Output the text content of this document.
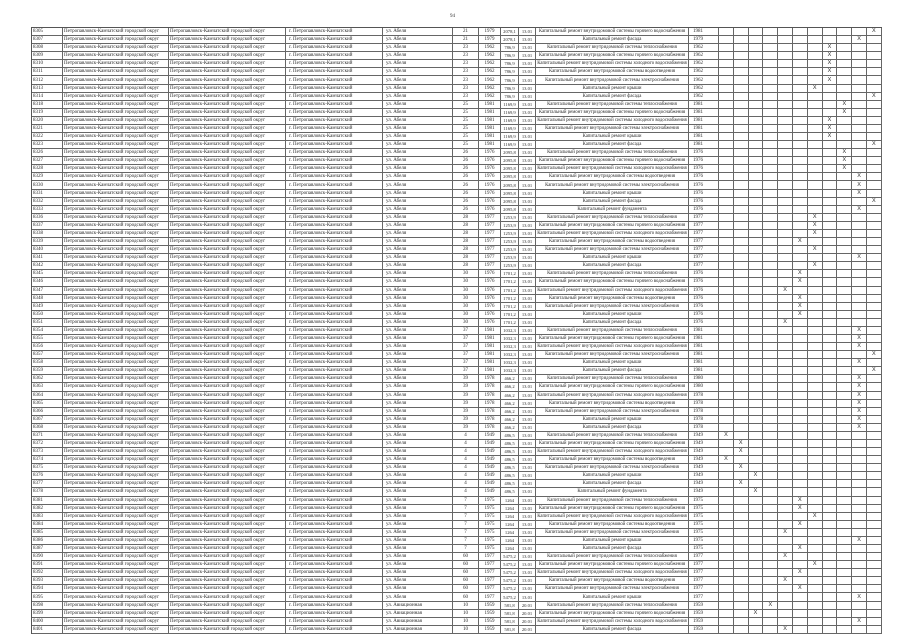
94
8305	Петропавловск-Камчатский городской округ	Петропавловск-Камчатский городской округ	г. Петропавловск-Камчатский	ул. Абеля	21	1979	2078,1	13.01	Капитальный ремонт внутридомовой системы горячего водоснабжения	1981	X
8307	Петропавловск-Камчатский городской округ	Петропавловск-Камчатский городской округ	г. Петропавловск-Камчатский	ул. Абеля	21	1979	2078,1	13.01	Капитальный ремонт фасада	1979	X
8308	Петропавловск-Камчатский городской округ	Петропавловск-Камчатский городской округ	г. Петропавловск-Камчатский	ул. Абеля	23	1962	786,9	13.01	Капитальный ремонт внутридомовой системы теплоснабжения	1962	X
8309	Петропавловск-Камчатский городской округ	Петропавловск-Камчатский городской округ	г. Петропавловск-Камчатский	ул. Абеля	23	1962	786,9	13.01	Капитальный ремонт внутридомовой системы горячего водоснабжения	1962	X
8310	Петропавловск-Камчатский городской округ	Петропавловск-Камчатский городской округ	г. Петропавловск-Камчатский	ул. Абеля	23	1962	786,9	13.01	Капитальный ремонт внутридомовой системы холодного водоснабжения	1962	X
8311	Петропавловск-Камчатский городской округ	Петропавловск-Камчатский городской округ	г. Петропавловск-Камчатский	ул. Абеля	23	1962	786,9	13.01	Капитальный ремонт внутридомовой системы водоотведения	1962	X
8312	Петропавловск-Камчатский городской округ	Петропавловск-Камчатский городской округ	г. Петропавловск-Камчатский	ул. Абеля	23	1962	786,9	13.01	Капитальный ремонт внутридомовой системы электроснабжения	1962	X
8313	Петропавловск-Камчатский городской округ	Петропавловск-Камчатский городской округ	г. Петропавловск-Камчатский	ул. Абеля	23	1962	786,9	13.01	Капитальный ремонт крыши	1962	X
8314	Петропавловск-Камчатский городской округ	Петропавловск-Камчатский городской округ	г. Петропавловск-Камчатский	ул. Абеля	23	1962	786,9	13.01	Капитальный ремонт фасада	1962	X
8318	Петропавловск-Камчатский городской округ	Петропавловск-Камчатский городской округ	г. Петропавловск-Камчатский	ул. Абеля	25	1981	1169,9	13.01	Капитальный ремонт внутридомовой системы теплоснабжения	1981	X
8319	Петропавловск-Камчатский городской округ	Петропавловск-Камчатский городской округ	г. Петропавловск-Камчатский	ул. Абеля	25	1981	1169,9	13.01	Капитальный ремонт внутридомовой системы горячего водоснабжения	1981	X
8320	Петропавловск-Камчатский городской округ	Петропавловск-Камчатский городской округ	г. Петропавловск-Камчатский	ул. Абеля	25	1981	1169,9	13.01	Капитальный ремонт внутридомовой системы холодного водоснабжения	1981	X
8321	Петропавловск-Камчатский городской округ	Петропавловск-Камчатский городской округ	г. Петропавловск-Камчатский	ул. Абеля	25	1981	1169,9	13.01	Капитальный ремонт внутридомовой системы электроснабжения	1981	X
8322	Петропавловск-Камчатский городской округ	Петропавловск-Камчатский городской округ	г. Петропавловск-Камчатский	ул. Абеля	25	1981	1169,9	13.01	Капитальный ремонт крыши	1981	X
8323	Петропавловск-Камчатский городской округ	Петропавловск-Камчатский городской округ	г. Петропавловск-Камчатский	ул. Абеля	25	1981	1169,9	13.01	Капитальный ремонт фасада	1981	X
8326	Петропавловск-Камчатский городской округ	Петропавловск-Камчатский городской округ	г. Петропавловск-Камчатский	ул. Абеля	26	1976	2095,8	13.01	Капитальный ремонт внутридомовой системы теплоснабжения	1976	X
8327	Петропавловск-Камчатский городской округ	Петропавловск-Камчатский городской округ	г. Петропавловск-Камчатский	ул. Абеля	26	1976	2095,8	13.01	Капитальный ремонт внутридомовой системы горячего водоснабжения	1976	X
8328	Петропавловск-Камчатский городской округ	Петропавловск-Камчатский городской округ	г. Петропавловск-Камчатский	ул. Абеля	26	1976	2095,8	13.01	Капитальный ремонт внутридомовой системы холодного водоснабжения	1976	X
8329	Петропавловск-Камчатский городской округ	Петропавловск-Камчатский городской округ	г. Петропавловск-Камчатский	ул. Абеля	26	1976	2095,8	13.01	Капитальный ремонт внутридомовой системы водоотведения	1976	X
8330	Петропавловск-Камчатский городской округ	Петропавловск-Камчатский городской округ	г. Петропавловск-Камчатский	ул. Абеля	26	1976	2095,8	13.01	Капитальный ремонт внутридомовой системы электроснабжения	1976	X
8331	Петропавловск-Камчатский городской округ	Петропавловск-Камчатский городской округ	г. Петропавловск-Камчатский	ул. Абеля	26	1976	2095,8	13.01	Капитальный ремонт крыши	1976	X
8332	Петропавловск-Камчатский городской округ	Петропавловск-Камчатский городской округ	г. Петропавловск-Камчатский	ул. Абеля	26	1976	2095,8	13.01	Капитальный ремонт фасада	1976	X
8333	Петропавловск-Камчатский городской округ	Петропавловск-Камчатский городской округ	г. Петропавловск-Камчатский	ул. Абеля	26	1976	2095,8	13.01	Капитальный ремонт фундамента	1976	X
8336	Петропавловск-Камчатский городской округ	Петропавловск-Камчатский городской округ	г. Петропавловск-Камчатский	ул. Абеля	28	1977	1253,9	13.01	Капитальный ремонт внутридомовой системы теплоснабжения	1977	X
8337	Петропавловск-Камчатский городской округ	Петропавловск-Камчатский городской округ	г. Петропавловск-Камчатский	ул. Абеля	28	1977	1253,9	13.01	Капитальный ремонт внутридомовой системы горячего водоснабжения	1977	X
8338	Петропавловск-Камчатский городской округ	Петропавловск-Камчатский городской округ	г. Петропавловск-Камчатский	ул. Абеля	28	1977	1253,9	13.01	Капитальный ремонт внутридомовой системы холодного водоснабжения	1977	X
8339	Петропавловск-Камчатский городской округ	Петропавловск-Камчатский городской округ	г. Петропавловск-Камчатский	ул. Абеля	28	1977	1253,9	13.01	Капитальный ремонт внутридомовой системы водоотведения	1977	X
8340	Петропавловск-Камчатский городской округ	Петропавловск-Камчатский городской округ	г. Петропавловск-Камчатский	ул. Абеля	28	1977	1253,9	13.01	Капитальный ремонт внутридомовой системы электроснабжения	1977	X
8341	Петропавловск-Камчатский городской округ	Петропавловск-Камчатский городской округ	г. Петропавловск-Камчатский	ул. Абеля	28	1977	1253,9	13.01	Капитальный ремонт крыши	1977	X
8342	Петропавловск-Камчатский городской округ	Петропавловск-Камчатский городской округ	г. Петропавловск-Камчатский	ул. Абеля	28	1977	1253,9	13.01	Капитальный ремонт фасада	1977	X
8345	Петропавловск-Камчатский городской округ	Петропавловск-Камчатский городской округ	г. Петропавловск-Камчатский	ул. Абеля	30	1976	1701,2	13.01	Капитальный ремонт внутридомовой системы теплоснабжения	1976	X
8346	Петропавловск-Камчатский городской округ	Петропавловск-Камчатский городской округ	г. Петропавловск-Камчатский	ул. Абеля	30	1976	1701,2	13.01	Капитальный ремонт внутридомовой системы горячего водоснабжения	1976	X
8347	Петропавловск-Камчатский городской округ	Петропавловск-Камчатский городской округ	г. Петропавловск-Камчатский	ул. Абеля	30	1976	1701,2	13.01	Капитальный ремонт внутридомовой системы холодного водоснабжения	1976	X
8348	Петропавловск-Камчатский городской округ	Петропавловск-Камчатский городской округ	г. Петропавловск-Камчатский	ул. Абеля	30	1976	1701,2	13.01	Капитальный ремонт внутридомовой системы водоотведения	1976	X
8349	Петропавловск-Камчатский городской округ	Петропавловск-Камчатский городской округ	г. Петропавловск-Камчатский	ул. Абеля	30	1976	1701,2	13.01	Капитальный ремонт внутридомовой системы электроснабжения	1976	X
8350	Петропавловск-Камчатский городской округ	Петропавловск-Камчатский городской округ	г. Петропавловск-Камчатский	ул. Абеля	30	1976	1701,2	13.01	Капитальный ремонт крыши	1976	X
8351	Петропавловск-Камчатский городской округ	Петропавловск-Камчатский городской округ	г. Петропавловск-Камчатский	ул. Абеля	30	1976	1701,2	13.01	Капитальный ремонт фасада	1976	X
8354	Петропавловск-Камчатский городской округ	Петропавловск-Камчатский городской округ	г. Петропавловск-Камчатский	ул. Абеля	37	1981	1032,3	13.01	Капитальный ремонт внутридомовой системы теплоснабжения	1981	X
8355	Петропавловск-Камчатский городской округ	Петропавловск-Камчатский городской округ	г. Петропавловск-Камчатский	ул. Абеля	37	1981	1032,3	13.01	Капитальный ремонт внутридомовой системы горячего водоснабжения	1981	X
8356	Петропавловск-Камчатский городской округ	Петропавловск-Камчатский городской округ	г. Петропавловск-Камчатский	ул. Абеля	37	1981	1032,3	13.01	Капитальный ремонт внутридомовой системы холодного водоснабжения	1981	X
8357	Петропавловск-Камчатский городской округ	Петропавловск-Камчатский городской округ	г. Петропавловск-Камчатский	ул. Абеля	37	1981	1032,3	13.01	Капитальный ремонт внутридомовой системы электроснабжения	1981	X
8358	Петропавловск-Камчатский городской округ	Петропавловск-Камчатский городской округ	г. Петропавловск-Камчатский	ул. Абеля	37	1981	1032,3	13.01	Капитальный ремонт крыши	1981	X
8359	Петропавловск-Камчатский городской округ	Петропавловск-Камчатский городской округ	г. Петропавловск-Камчатский	ул. Абеля	37	1981	1032,3	13.01	Капитальный ремонт фасада	1981	X
8362	Петропавловск-Камчатский городской округ	Петропавловск-Камчатский городской округ	г. Петропавловск-Камчатский	ул. Абеля	39	1978	466,2	13.01	Капитальный ремонт внутридомовой системы теплоснабжения	1980	X
8363	Петропавловск-Камчатский городской округ	Петропавловск-Камчатский городской округ	г. Петропавловск-Камчатский	ул. Абеля	39	1978	466,2	13.01	Капитальный ремонт внутридомовой системы горячего водоснабжения	1980	X
8364	Петропавловск-Камчатский городской округ	Петропавловск-Камчатский городской округ	г. Петропавловск-Камчатский	ул. Абеля	39	1978	466,2	13.01	Капитальный ремонт внутридомовой системы холодного водоснабжения	1978	X
8365	Петропавловск-Камчатский городской округ	Петропавловск-Камчатский городской округ	г. Петропавловск-Камчатский	ул. Абеля	39	1978	466,2	13.01	Капитальный ремонт внутридомовой системы водоотведения	1978	X
8366	Петропавловск-Камчатский городской округ	Петропавловск-Камчатский городской округ	г. Петропавловск-Камчатский	ул. Абеля	39	1978	466,2	13.01	Капитальный ремонт внутридомовой системы электроснабжения	1978	X
8367	Петропавловск-Камчатский городской округ	Петропавловск-Камчатский городской округ	г. Петропавловск-Камчатский	ул. Абеля	39	1978	466,2	13.01	Капитальный ремонт крыши	1978	X
8368	Петропавловск-Камчатский городской округ	Петропавловск-Камчатский городской округ	г. Петропавловск-Камчатский	ул. Абеля	39	1978	466,2	13.01	Капитальный ремонт фасада	1978	X
8371	Петропавловск-Камчатский городской округ	Петропавловск-Камчатский городской округ	г. Петропавловск-Камчатский	ул. Абеля	4	1949	486,5	13.01	Капитальный ремонт внутридомовой системы теплоснабжения	1949	X
8372	Петропавловск-Камчатский городской округ	Петропавловск-Камчатский городской округ	г. Петропавловск-Камчатский	ул. Абеля	4	1949	486,5	13.01	Капитальный ремонт внутридомовой системы горячего водоснабжения	1949	X
8373	Петропавловск-Камчатский городской округ	Петропавловск-Камчатский городской округ	г. Петропавловск-Камчатский	ул. Абеля	4	1949	486,5	13.01	Капитальный ремонт внутридомовой системы холодного водоснабжения	1949	X
8374	Петропавловск-Камчатский городской округ	Петропавловск-Камчатский городской округ	г. Петропавловск-Камчатский	ул. Абеля	4	1949	486,5	13.01	Капитальный ремонт внутридомовой системы водоотведения	1949	X
8375	Петропавловск-Камчатский городской округ	Петропавловск-Камчатский городской округ	г. Петропавловск-Камчатский	ул. Абеля	4	1949	486,5	13.01	Капитальный ремонт внутридомовой системы электроснабжения	1949	X
8376	Петропавловск-Камчатский городской округ	Петропавловск-Камчатский городской округ	г. Петропавловск-Камчатский	ул. Абеля	4	1949	486,5	13.01	Капитальный ремонт крыши	1949	X
8377	Петропавловск-Камчатский городской округ	Петропавловск-Камчатский городской округ	г. Петропавловск-Камчатский	ул. Абеля	4	1949	486,5	13.01	Капитальный ремонт фасада	1949	X
8378	Петропавловск-Камчатский городской округ	Петропавловск-Камчатский городской округ	г. Петропавловск-Камчатский	ул. Абеля	4	1949	486,5	13.01	Капитальный ремонт фундамента	1949	X
8381	Петропавловск-Камчатский городской округ	Петропавловск-Камчатский городской округ	г. Петропавловск-Камчатский	ул. Абеля	7	1975	1264	13.01	Капитальный ремонт внутридомовой системы теплоснабжения	1975	X
8382	Петропавловск-Камчатский городской округ	Петропавловск-Камчатский городской округ	г. Петропавловск-Камчатский	ул. Абеля	7	1975	1264	13.01	Капитальный ремонт внутридомовой системы горячего водоснабжения	1975	X
8383	Петропавловск-Камчатский городской округ	Петропавловск-Камчатский городской округ	г. Петропавловск-Камчатский	ул. Абеля	7	1975	1264	13.01	Капитальный ремонт внутридомовой системы холодного водоснабжения	1975	X
8384	Петропавловск-Камчатский городской округ	Петропавловск-Камчатский городской округ	г. Петропавловск-Камчатский	ул. Абеля	7	1975	1264	13.01	Капитальный ремонт внутридомовой системы водоотведения	1975	X
8385	Петропавловск-Камчатский городской округ	Петропавловск-Камчатский городской округ	г. Петропавловск-Камчатский	ул. Абеля	7	1975	1264	13.01	Капитальный ремонт внутридомовой системы электроснабжения	1975	X
8386	Петропавловск-Камчатский городской округ	Петропавловск-Камчатский городской округ	г. Петропавловск-Камчатский	ул. Абеля	7	1975	1264	13.01	Капитальный ремонт крыши	1975	X
8387	Петропавловск-Камчатский городской округ	Петропавловск-Камчатский городской округ	г. Петропавловск-Камчатский	ул. Абеля	7	1975	1264	13.01	Капитальный ремонт фасада	1975	X
8390	Петропавловск-Камчатский городской округ	Петропавловск-Камчатский городской округ	г. Петропавловск-Камчатский	ул. Абеля	60	1977	5475,2	13.01	Капитальный ремонт внутридомовой системы теплоснабжения	1977	X
8391	Петропавловск-Камчатский городской округ	Петропавловск-Камчатский городской округ	г. Петропавловск-Камчатский	ул. Абеля	60	1977	5475,2	13.01	Капитальный ремонт внутридомовой системы горячего водоснабжения	1977	X
8392	Петропавловск-Камчатский городской округ	Петропавловск-Камчатский городской округ	г. Петропавловск-Камчатский	ул. Абеля	60	1977	5475,2	13.01	Капитальный ремонт внутридомовой системы холодного водоснабжения	1977	X
8393	Петропавловск-Камчатский городской округ	Петропавловск-Камчатский городской округ	г. Петропавловск-Камчатский	ул. Абеля	60	1977	5475,2	13.01	Капитальный ремонт внутридомовой системы водоотведения	1977	X
8394	Петропавловск-Камчатский городской округ	Петропавловск-Камчатский городской округ	г. Петропавловск-Камчатский	ул. Абеля	60	1977	5475,2	13.01	Капитальный ремонт внутридомовой системы электроснабжения	1977	X
8395	Петропавловск-Камчатский городской округ	Петропавловск-Камчатский городской округ	г. Петропавловск-Камчатский	ул. Абеля	60	1977	5475,2	13.01	Капитальный ремонт крыши	1977	X
8398	Петропавловск-Камчатский городской округ	Петропавловск-Камчатский городской округ	г. Петропавловск-Камчатский	ул. Авиационная	10	1959	581,8	20.01	Капитальный ремонт внутридомовой системы теплоснабжения	1959	X
8399	Петропавловск-Камчатский городской округ	Петропавловск-Камчатский городской округ	г. Петропавловск-Камчатский	ул. Авиационная	10	1959	581,8	20.01	Капитальный ремонт внутридомовой системы горячего водоснабжения	1959	X
8400	Петропавловск-Камчатский городской округ	Петропавловск-Камчатский городской округ	г. Петропавловск-Камчатский	ул. Авиационная	10	1959	581,8	20.01	Капитальный ремонт внутридомовой системы холодного водоснабжения	1959	X
8401	Петропавловск-Камчатский городской округ	Петропавловск-Камчатский городской округ	г. Петропавловск-Камчатский	ул. Авиационная	10	1959	581,8	20.01	Капитальный ремонт фасада	1959	X
